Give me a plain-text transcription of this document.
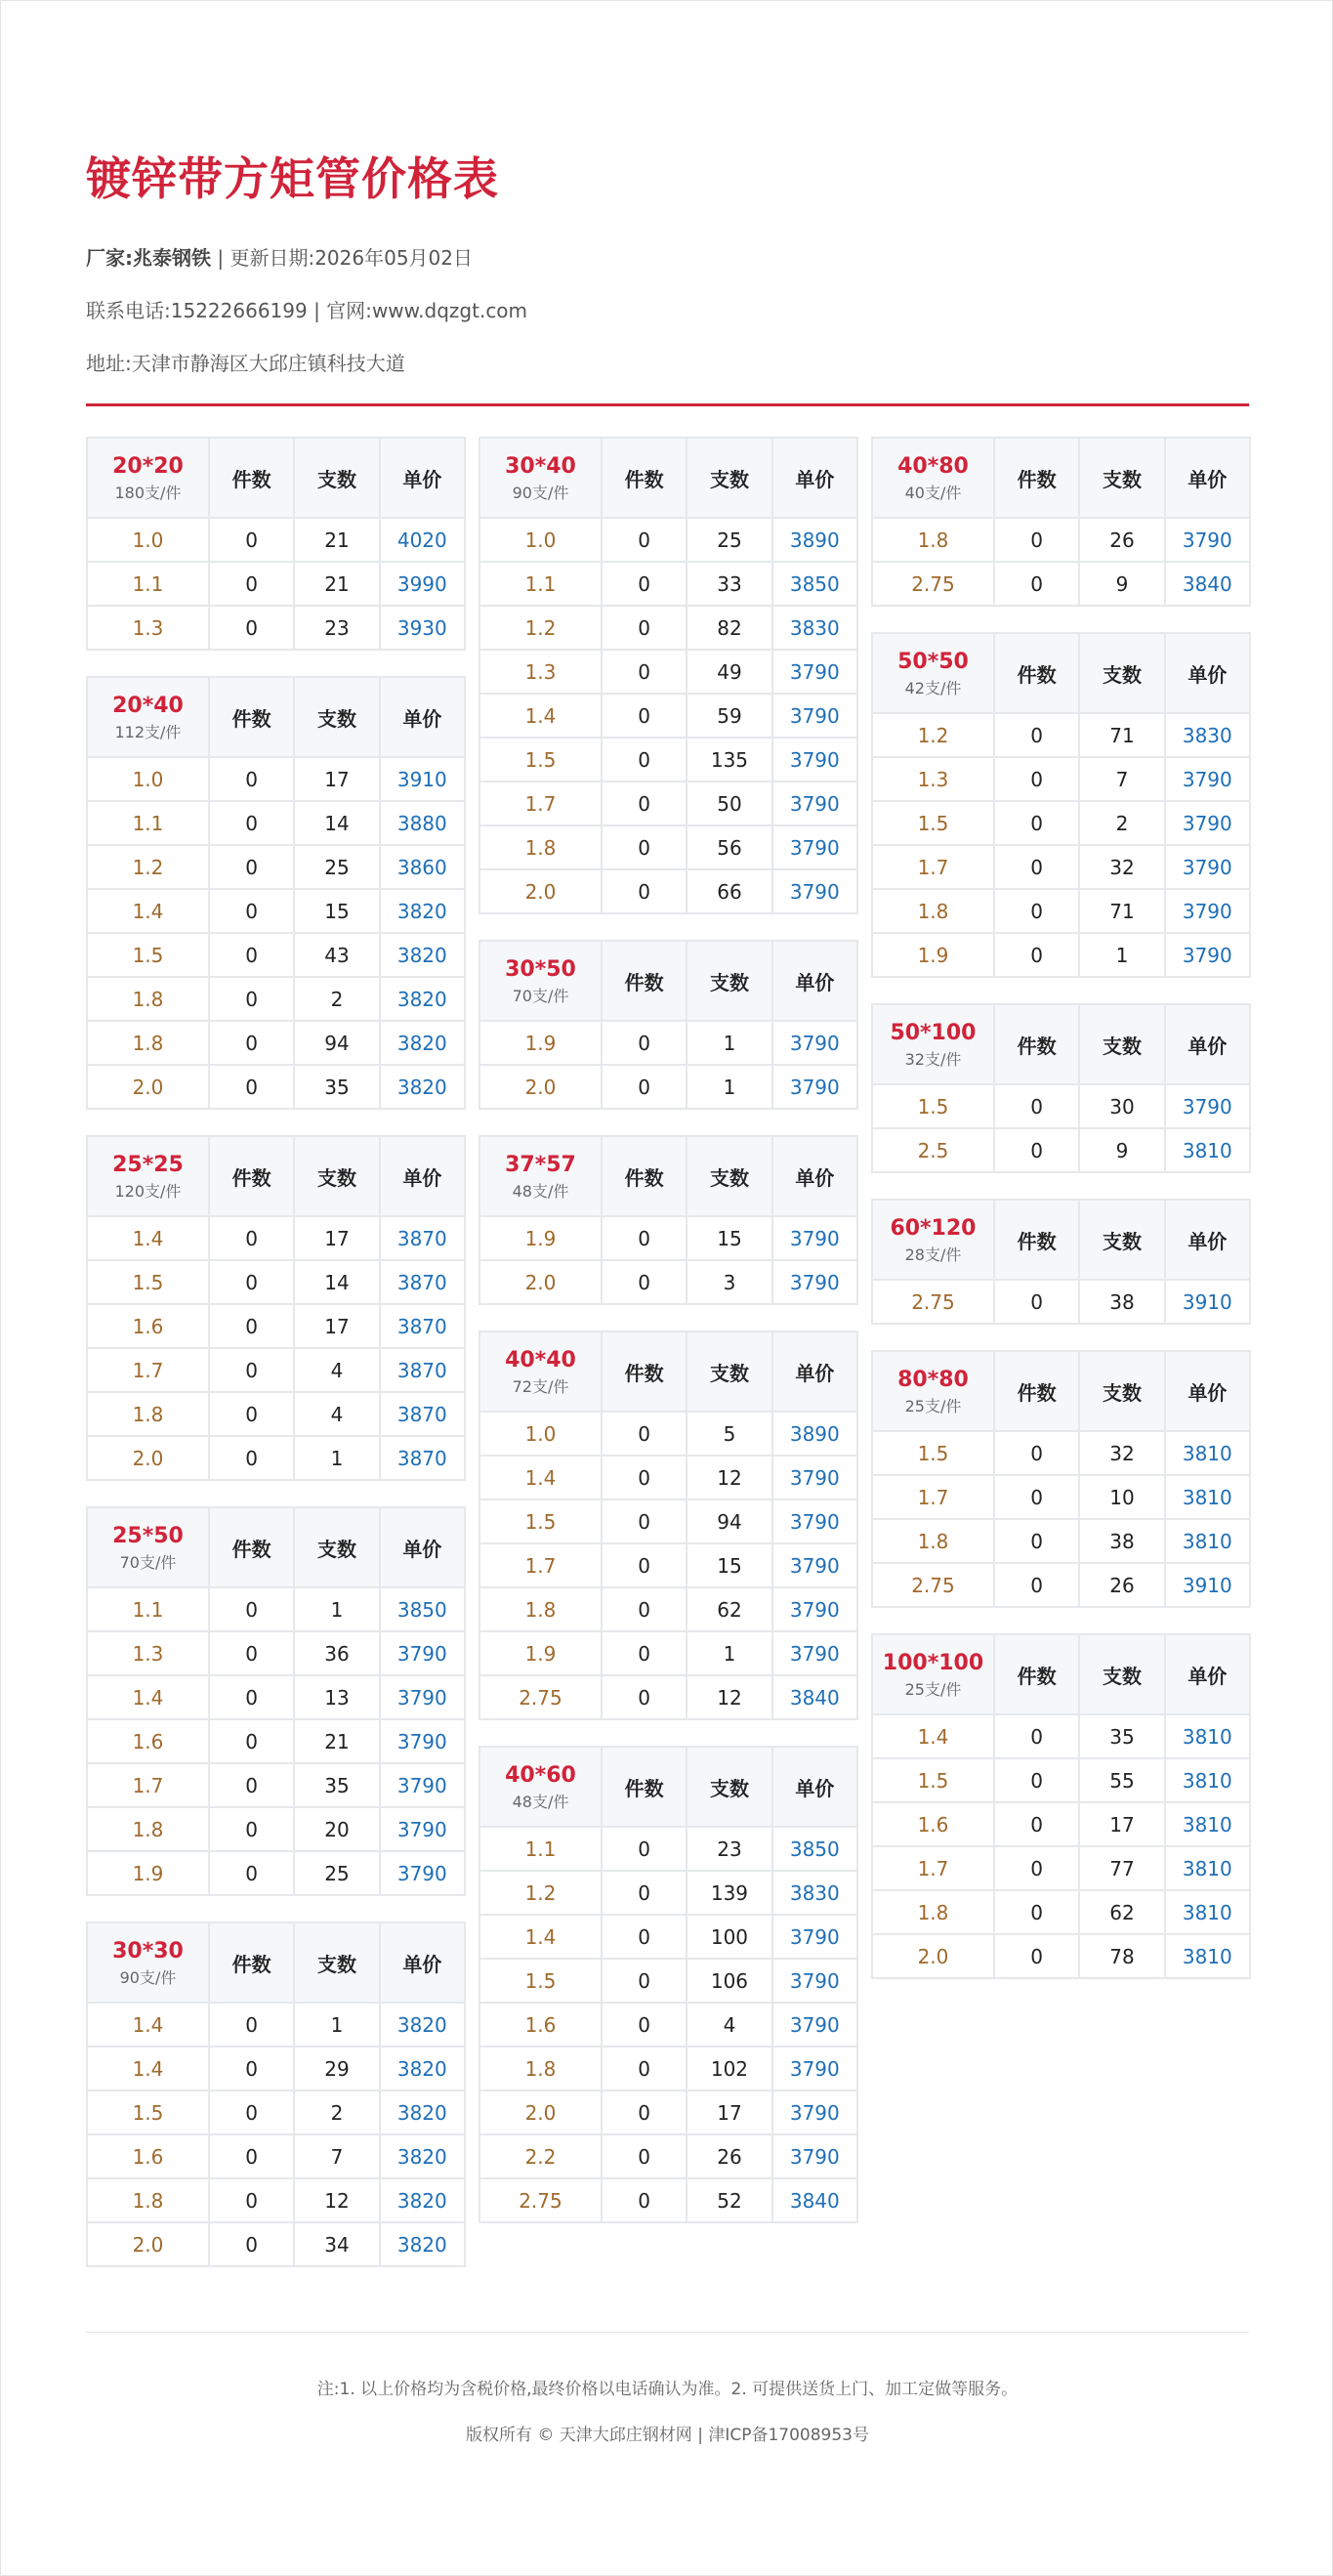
镀锌带方矩管价格表
厂家:兆泰钢铁 | 更新日期:2026年05月02日
联系电话:15222666199 | 官网:www.dqzgt.com
地址:天津市静海区大邱庄镇科技大道
20*20
180支/件	件数	支数	单价
1.0	0	21	4020
1.1	0	21	3990
1.3	0	23	3930
20*40
112支/件	件数	支数	单价
1.0	0	17	3910
1.1	0	14	3880
1.2	0	25	3860
1.4	0	15	3820
1.5	0	43	3820
1.8	0	2	3820
1.8	0	94	3820
2.0	0	35	3820
25*25
120支/件	件数	支数	单价
1.4	0	17	3870
1.5	0	14	3870
1.6	0	17	3870
1.7	0	4	3870
1.8	0	4	3870
2.0	0	1	3870
25*50
70支/件	件数	支数	单价
1.1	0	1	3850
1.3	0	36	3790
1.4	0	13	3790
1.6	0	21	3790
1.7	0	35	3790
1.8	0	20	3790
1.9	0	25	3790
30*30
90支/件	件数	支数	单价
1.4	0	1	3820
1.4	0	29	3820
1.5	0	2	3820
1.6	0	7	3820
1.8	0	12	3820
2.0	0	34	3820
30*40
90支/件	件数	支数	单价
1.0	0	25	3890
1.1	0	33	3850
1.2	0	82	3830
1.3	0	49	3790
1.4	0	59	3790
1.5	0	135	3790
1.7	0	50	3790
1.8	0	56	3790
2.0	0	66	3790
30*50
70支/件	件数	支数	单价
1.9	0	1	3790
2.0	0	1	3790
37*57
48支/件	件数	支数	单价
1.9	0	15	3790
2.0	0	3	3790
40*40
72支/件	件数	支数	单价
1.0	0	5	3890
1.4	0	12	3790
1.5	0	94	3790
1.7	0	15	3790
1.8	0	62	3790
1.9	0	1	3790
2.75	0	12	3840
40*60
48支/件	件数	支数	单价
1.1	0	23	3850
1.2	0	139	3830
1.4	0	100	3790
1.5	0	106	3790
1.6	0	4	3790
1.8	0	102	3790
2.0	0	17	3790
2.2	0	26	3790
2.75	0	52	3840
40*80
40支/件	件数	支数	单价
1.8	0	26	3790
2.75	0	9	3840
50*50
42支/件	件数	支数	单价
1.2	0	71	3830
1.3	0	7	3790
1.5	0	2	3790
1.7	0	32	3790
1.8	0	71	3790
1.9	0	1	3790
50*100
32支/件	件数	支数	单价
1.5	0	30	3790
2.5	0	9	3810
60*120
28支/件	件数	支数	单价
2.75	0	38	3910
80*80
25支/件	件数	支数	单价
1.5	0	32	3810
1.7	0	10	3810
1.8	0	38	3810
2.75	0	26	3910
100*100
25支/件	件数	支数	单价
1.4	0	35	3810
1.5	0	55	3810
1.6	0	17	3810
1.7	0	77	3810
1.8	0	62	3810
2.0	0	78	3810
注:1. 以上价格均为含税价格,最终价格以电话确认为准。2. 可提供送货上门、加工定做等服务。
版权所有 © 天津大邱庄钢材网 | 津ICP备17008953号
